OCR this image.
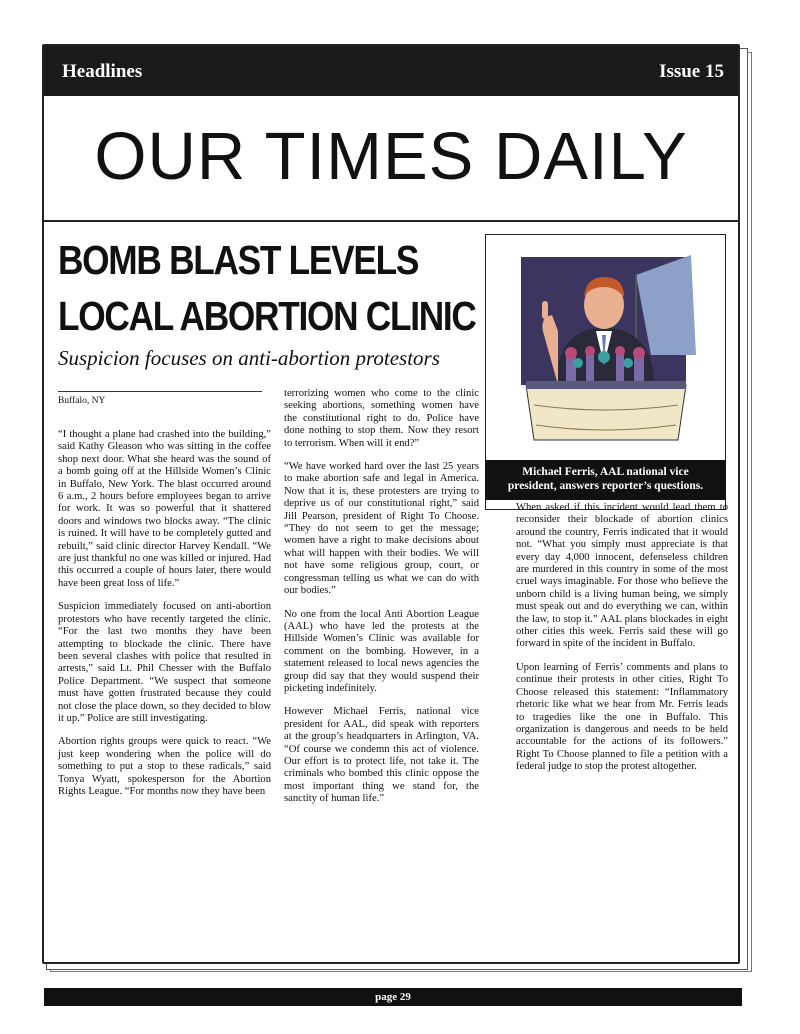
Headlines	Issue 15
OUR TIMES DAILY
BOMB BLAST LEVELS
LOCAL ABORTION CLINIC
Suspicion focuses on anti-abortion protestors
Michael Ferris, AAL national vice
president, answers reporter’s questions.
Buffalo, NY

“I thought a plane had crashed into the building,” said Kathy Gleason who was sitting in the coffee shop next door. What she heard was the sound of a bomb going off at the Hillside Women’s Clinic in Buffalo, New York. The blast occurred around 6 a.m., 2 hours before employees began to arrive for work. It was so powerful that it shattered doors and windows two blocks away. “The clinic is ruined. It will have to be completely gutted and rebuilt,” said clinic director Harvey Kendall. “We are just thankful no one was killed or injured. Had this occurred a couple of hours later, there would have been great loss of life.”

Suspicion immediately focused on anti-abortion protestors who have recently targeted the clinic. “For the last two months they have been attempting to blockade the clinic. There have been several clashes with police that resulted in arrests,” said Lt. Phil Chesser with the Buffalo Police Department. “We suspect that someone must have gotten frustrated because they could not close the place down, so they decided to blow it up.” Police are still investigating.

Abortion rights groups were quick to react. “We just keep wondering when the police will do something to put a stop to these radicals,” said Tonya Wyatt, spokesperson for the Abortion Rights League. “For months now they have been

terrorizing women who come to the clinic seeking abortions, something women have the constitutional right to do. Police have done nothing to stop them. Now they resort to terrorism. When will it end?”

“We have worked hard over the last 25 years to make abortion safe and legal in America. Now that it is, these protesters are trying to deprive us of our constitutional right,” said Jill Pearson, president of Right To Choose. “They do not seem to get the message; women have a right to make decisions about what will happen with their bodies. We will not have some religious group, court, or congressman telling us what we can do with our bodies.”

No one from the local Anti Abortion League (AAL) who have led the protests at the Hillside Women’s Clinic was available for comment on the bombing. However, in a statement released to local news agencies the group did say that they would suspend their picketing indefinitely.

However Michael Ferris, national vice president for AAL, did speak with reporters at the group’s headquarters in Arlington, VA. “Of course we condemn this act of violence. Our effort is to protect life, not take it. The criminals who bombed this clinic oppose the most important thing we stand for, the sanctity of human life.”

When asked if this incident would lead them to reconsider their blockade of abortion clinics around the country, Ferris indicated that it would not. “What you simply must appreciate is that every day 4,000 innocent, defenseless children are murdered in this country in some of the most cruel ways imaginable. For those who believe the unborn child is a living human being, we simply must speak out and do everything we can, within the law, to stop it.” AAL plans blockades in eight other cities this week. Ferris said these will go forward in spite of the incident in Buffalo.

Upon learning of Ferris’ comments and plans to continue their protests in other cities, Right To Choose released this statement: “Inflammatory rhetoric like what we hear from Mr. Ferris leads to tragedies like the one in Buffalo. This organization is dangerous and needs to be held accountable for the actions of its followers.” Right To Choose planned to file a petition with a federal judge to stop the protest altogether.

page 29
